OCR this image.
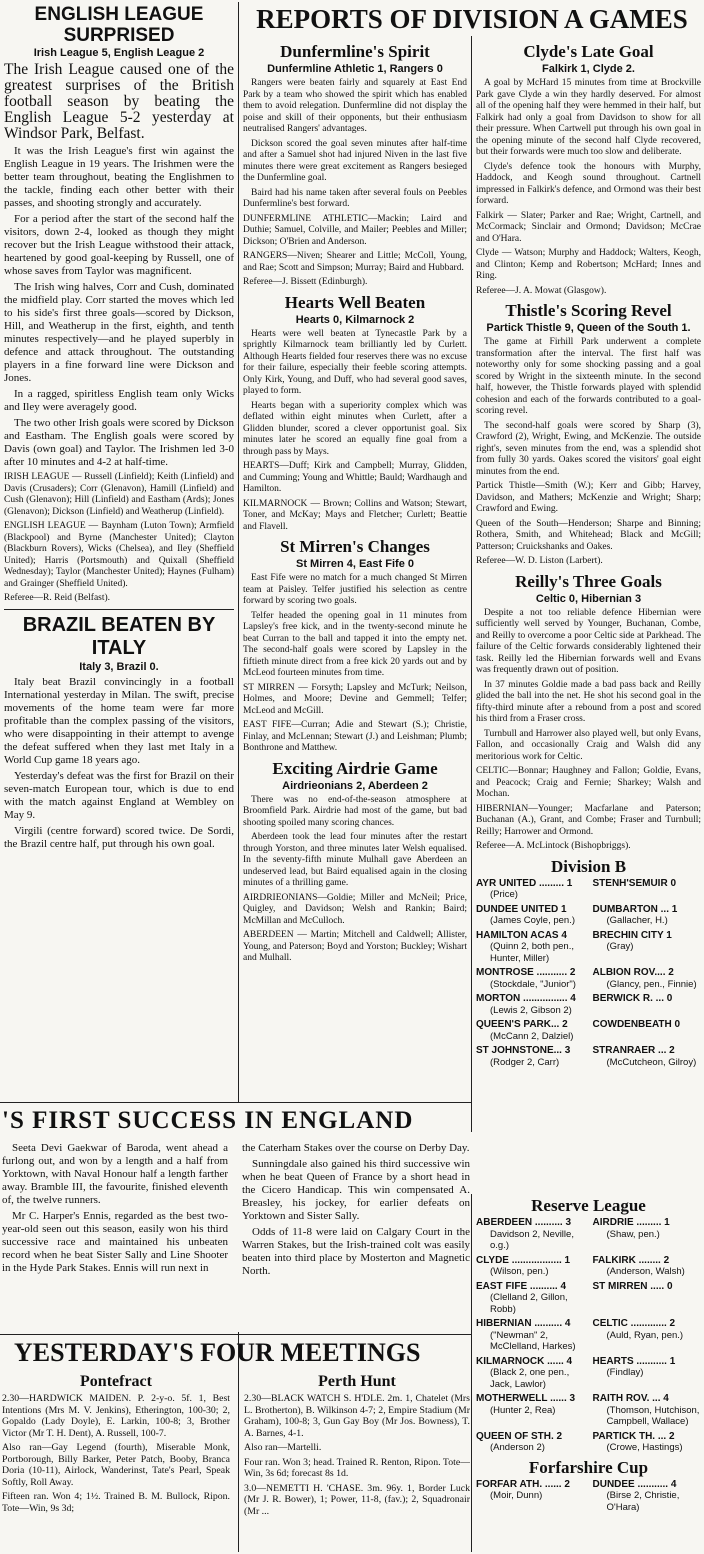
ENGLISH LEAGUE SURPRISED
Irish League 5, English League 2

The Irish League caused one of the greatest surprises of the British football season by beating the English League 5-2 yesterday at Windsor Park, Belfast.

It was the Irish League's first win against the English League in 19 years. The Irishmen were the better team throughout, beating the Englishmen to the tackle, finding each other better with their passes, and shooting strongly and accurately.

For a period after the start of the second half the visitors, down 2-4, looked as though they might recover but the Irish League withstood their attack, heartened by good goal-keeping by Russell, one of whose saves from Taylor was magnificent.

The Irish wing halves, Corr and Cush, dominated the midfield play. Corr started the moves which led to his side's first three goals—scored by Dickson, Hill, and Weatherup in the first, eighth, and tenth minutes respectively—and he played superbly in defence and attack throughout. The outstanding players in a fine forward line were Dickson and Jones.

In a ragged, spiritless English team only Wicks and Iley were averagely good.

The two other Irish goals were scored by Dickson and Eastham. The English goals were scored by Davis (own goal) and Taylor. The Irishmen led 3-0 after 10 minutes and 4-2 at half-time.

IRISH LEAGUE — Russell (Linfield); Keith (Linfield) and Davis (Crusaders); Corr (Glenavon), Hamill (Linfield) and Cush (Glenavon); Hill (Linfield) and Eastham (Ards); Jones (Glenavon); Dickson (Linfield) and Weatherup (Linfield).

ENGLISH LEAGUE — Baynham (Luton Town); Armfield (Blackpool) and Byrne (Manchester United); Clayton (Blackburn Rovers), Wicks (Chelsea), and Iley (Sheffield United); Harris (Portsmouth) and Quixall (Sheffield Wednesday); Taylor (Manchester United); Haynes (Fulham) and Grainger (Sheffield United).

Referee—R. Reid (Belfast).

BRAZIL BEATEN BY ITALY
Italy 3, Brazil 0.

Italy beat Brazil convincingly in a football International yesterday in Milan. The swift, precise movements of the home team were far more profitable than the complex passing of the visitors, who were disappointing in their attempt to avenge the defeat suffered when they last met Italy in a World Cup game 18 years ago.

Yesterday's defeat was the first for Brazil on their seven-match European tour, which is due to end with the match against England at Wembley on May 9.

Virgili (centre forward) scored twice. De Sordi, the Brazil centre half, put through his own goal.

REPORTS OF DIVISION A GAMES
Dunfermline's Spirit
Dunfermline Athletic 1, Rangers 0

Rangers were beaten fairly and squarely at East End Park by a team who showed the spirit which has enabled them to avoid relegation. Dunfermline did not display the poise and skill of their opponents, but their enthusiasm neutralised Rangers' advantages.

Dickson scored the goal seven minutes after half-time and after a Samuel shot had injured Niven in the last five minutes there were great excitement as Rangers besieged the Dunfermline goal.

Baird had his name taken after several fouls on Peebles Dunfermline's best forward.

DUNFERMLINE ATHLETIC—Mackin; Laird and Duthie; Samuel, Colville, and Mailer; Peebles and Miller; Dickson; O'Brien and Anderson.

RANGERS—Niven; Shearer and Little; McColl, Young, and Rae; Scott and Simpson; Murray; Baird and Hubbard.

Referee—J. Bissett (Edinburgh).

Hearts Well Beaten
Hearts 0, Kilmarnock 2

Hearts were well beaten at Tynecastle Park by a sprightly Kilmarnock team brilliantly led by Curlett. Although Hearts fielded four reserves there was no excuse for their failure, especially their feeble scoring attempts. Only Kirk, Young, and Duff, who had several good saves, played to form.

Hearts began with a superiority complex which was deflated within eight minutes when Curlett, after a Glidden blunder, scored a clever opportunist goal. Six minutes later he scored an equally fine goal from a through pass by Mays.

HEARTS—Duff; Kirk and Campbell; Murray, Glidden, and Cumming; Young and Whittle; Bauld; Wardhaugh and Hamilton.

KILMARNOCK — Brown; Collins and Watson; Stewart, Toner, and McKay; Mays and Fletcher; Curlett; Beattie and Flavell.

St Mirren's Changes
St Mirren 4, East Fife 0

East Fife were no match for a much changed St Mirren team at Paisley. Telfer justified his selection as centre forward by scoring two goals.

Telfer headed the opening goal in 11 minutes from Lapsley's free kick, and in the twenty-second minute he beat Curran to the ball and tapped it into the empty net. The second-half goals were scored by Lapsley in the fiftieth minute direct from a free kick 20 yards out and by McLeod fourteen minutes from time.

ST MIRREN — Forsyth; Lapsley and McTurk; Neilson, Holmes, and Moore; Devine and Gemmell; Telfer; McLeod and McGill.

EAST FIFE—Curran; Adie and Stewart (S.); Christie, Finlay, and McLennan; Stewart (J.) and Leishman; Plumb; Bonthrone and Matthew.

Exciting Airdrie Game
Airdrieonians 2, Aberdeen 2

There was no end-of-the-season atmosphere at Broomfield Park. Airdrie had most of the game, but bad shooting spoiled many scoring chances.

Aberdeen took the lead four minutes after the restart through Yorston, and three minutes later Welsh equalised. In the seventy-fifth minute Mulhall gave Aberdeen an undeserved lead, but Baird equalised again in the closing minutes of a thrilling game.

AIRDRIEONIANS—Goldie; Miller and McNeil; Price, Quigley, and Davidson; Welsh and Rankin; Baird; McMillan and McCulloch.

ABERDEEN — Martin; Mitchell and Caldwell; Allister, Young, and Paterson; Boyd and Yorston; Buckley; Wishart and Mulhall.

Clyde's Late Goal
Falkirk 1, Clyde 2.

A goal by McHard 15 minutes from time at Brockville Park gave Clyde a win they hardly deserved. For almost all of the opening half they were hemmed in their half, but Falkirk had only a goal from Davidson to show for all their pressure. When Cartwell put through his own goal in the opening minute of the second half Clyde recovered, but their forwards were much too slow and deliberate.

Clyde's defence took the honours with Murphy, Haddock, and Keogh sound throughout. Cartnell impressed in Falkirk's defence, and Ormond was their best forward.

Falkirk — Slater; Parker and Rae; Wright, Cartnell, and McCormack; Sinclair and Ormond; Davidson; McCrae and O'Hara.

Clyde — Watson; Murphy and Haddock; Walters, Keogh, and Clinton; Kemp and Robertson; McHard; Innes and Ring.

Referee—J. A. Mowat (Glasgow).

Thistle's Scoring Revel
Partick Thistle 9, Queen of the South 1.

The game at Firhill Park underwent a complete transformation after the interval. The first half was noteworthy only for some shocking passing and a goal scored by Wright in the sixteenth minute. In the second half, however, the Thistle forwards played with splendid cohesion and each of the forwards contributed to a goal-scoring revel.

The second-half goals were scored by Sharp (3), Crawford (2), Wright, Ewing, and McKenzie. The outside right's, seven minutes from the end, was a splendid shot from fully 30 yards. Oakes scored the visitors' goal eight minutes from the end.

Partick Thistle—Smith (W.); Kerr and Gibb; Harvey, Davidson, and Mathers; McKenzie and Wright; Sharp; Crawford and Ewing.

Queen of the South—Henderson; Sharpe and Binning; Rothera, Smith, and Whitehead; Black and McGill; Patterson; Cruickshanks and Oakes.

Referee—W. D. Liston (Larbert).

Reilly's Three Goals
Celtic 0, Hibernian 3

Despite a not too reliable defence Hibernian were sufficiently well served by Younger, Buchanan, Combe, and Reilly to overcome a poor Celtic side at Parkhead. The failure of the Celtic forwards considerably lightened their task. Reilly led the Hibernian forwards well and Evans was frequently drawn out of position.

In 37 minutes Goldie made a bad pass back and Reilly glided the ball into the net. He shot his second goal in the fifty-third minute after a rebound from a post and scored his third from a Fraser cross.

Turnbull and Harrower also played well, but only Evans, Fallon, and occasionally Craig and Walsh did any meritorious work for Celtic.

CELTIC—Bonnar; Haughney and Fallon; Goldie, Evans, and Peacock; Craig and Fernie; Sharkey; Walsh and Mochan.

HIBERNIAN—Younger; Macfarlane and Paterson; Buchanan (A.), Grant, and Combe; Fraser and Turnbull; Reilly; Harrower and Ormond.

Referee—A. McLintock (Bishopbriggs).

Division B
AYR UNITED ......... 1
(Price)
STENH'SEMUIR 0
DUNDEE UNITED 1
(James Coyle, pen.)
DUMBARTON ... 1
(Gallacher, H.)
HAMILTON ACAS 4
(Quinn 2, both pen., Hunter, Miller)
BRECHIN CITY 1
(Gray)
MONTROSE ........... 2
(Stockdale, "Junior")
ALBION ROV.... 2
(Glancy, pen., Finnie)
MORTON ................ 4
(Lewis 2, Gibson 2)
BERWICK R. ... 0
QUEEN'S PARK... 2
(McCann 2, Dalziel)
COWDENBEATH 0
ST JOHNSTONE... 3
(Rodger 2, Carr)
STRANRAER ... 2
(McCutcheon, Gilroy)
Reserve League
ABERDEEN .......... 3
Davidson 2, Neville, o.g.)
AIRDRIE ......... 1
(Shaw, pen.)
CLYDE .................. 1
(Wilson, pen.)
FALKIRK ........ 2
(Anderson, Walsh)
EAST FIFE .......... 4
(Clelland 2, Gillon, Robb)
ST MIRREN ..... 0
HIBERNIAN .......... 4
("Newman" 2, McClelland, Harkes)
CELTIC ............. 2
(Auld, Ryan, pen.)
KILMARNOCK ...... 4
(Black 2, one pen., Jack, Lawlor)
HEARTS ........... 1
(Findlay)
MOTHERWELL ...... 3
(Hunter 2, Rea)
RAITH ROV. ... 4
(Thomson, Hutchison, Campbell, Wallace)
QUEEN OF STH. 2
(Anderson 2)
PARTICK TH. ... 2
(Crowe, Hastings)
Forfarshire Cup
FORFAR ATH. ...... 2
(Moir, Dunn)
DUNDEE ........... 4
(Birse 2, Christie, O'Hara)
'S FIRST SUCCESS IN ENGLAND

Seeta Devi Gaekwar of Baroda, went ahead a furlong out, and won by a length and a half from Yorktown, with Naval Honour half a length farther away. Bramble III, the favourite, finished eleventh of, the twelve runners.

Mr C. Harper's Ennis, regarded as the best two-year-old seen out this season, easily won his third successive race and maintained his unbeaten record when he beat Sister Sally and Line Shooter in the Hyde Park Stakes. Ennis will run next in

the Caterham Stakes over the course on Derby Day.

Sunningdale also gained his third successive win when he beat Queen of France by a short head in the Cicero Handicap. This win compensated A. Breasley, his jockey, for earlier defeats on Yorktown and Sister Sally.

Odds of 11-8 were laid on Calgary Court in the Warren Stakes, but the Irish-trained colt was easily beaten into third place by Mosterton and Magnetic North.

YESTERDAY'S FOUR MEETINGS
Pontefract

2.30—HARDWICK MAIDEN. P. 2-y-o. 5f. 1, Best Intentions (Mrs M. V. Jenkins), Etherington, 100-30; 2, Gopaldo (Lady Doyle), E. Larkin, 100-8; 3, Brother Victor (Mr T. H. Dent), A. Russell, 100-7.

Also ran—Gay Legend (fourth), Miserable Monk, Portborough, Billy Barker, Peter Patch, Booby, Branca Doria (10-11), Airlock, Wanderinst, Tate's Pearl, Speak Softly, Roll Away.

Fifteen ran. Won 4; 1½. Trained B. M. Bullock, Ripon. Tote—Win, 9s 3d;

Perth Hunt

2.30—BLACK WATCH S. H'DLE. 2m. 1, Chatelet (Mrs L. Brotherton), B. Wilkinson 4-7; 2, Empire Stadium (Mr Graham), 100-8; 3, Gun Gay Boy (Mr Jos. Bowness), T. A. Barnes, 4-1.

Also ran—Martelli.

Four ran. Won 3; head. Trained R. Renton, Ripon. Tote—Win, 3s 6d; forecast 8s 1d.

3.0—NEMETTI H. 'CHASE. 3m. 96y. 1, Border Luck (Mr J. R. Bower), 1; Power, 11-8, (fav.); 2, Squadronair (Mr ...
